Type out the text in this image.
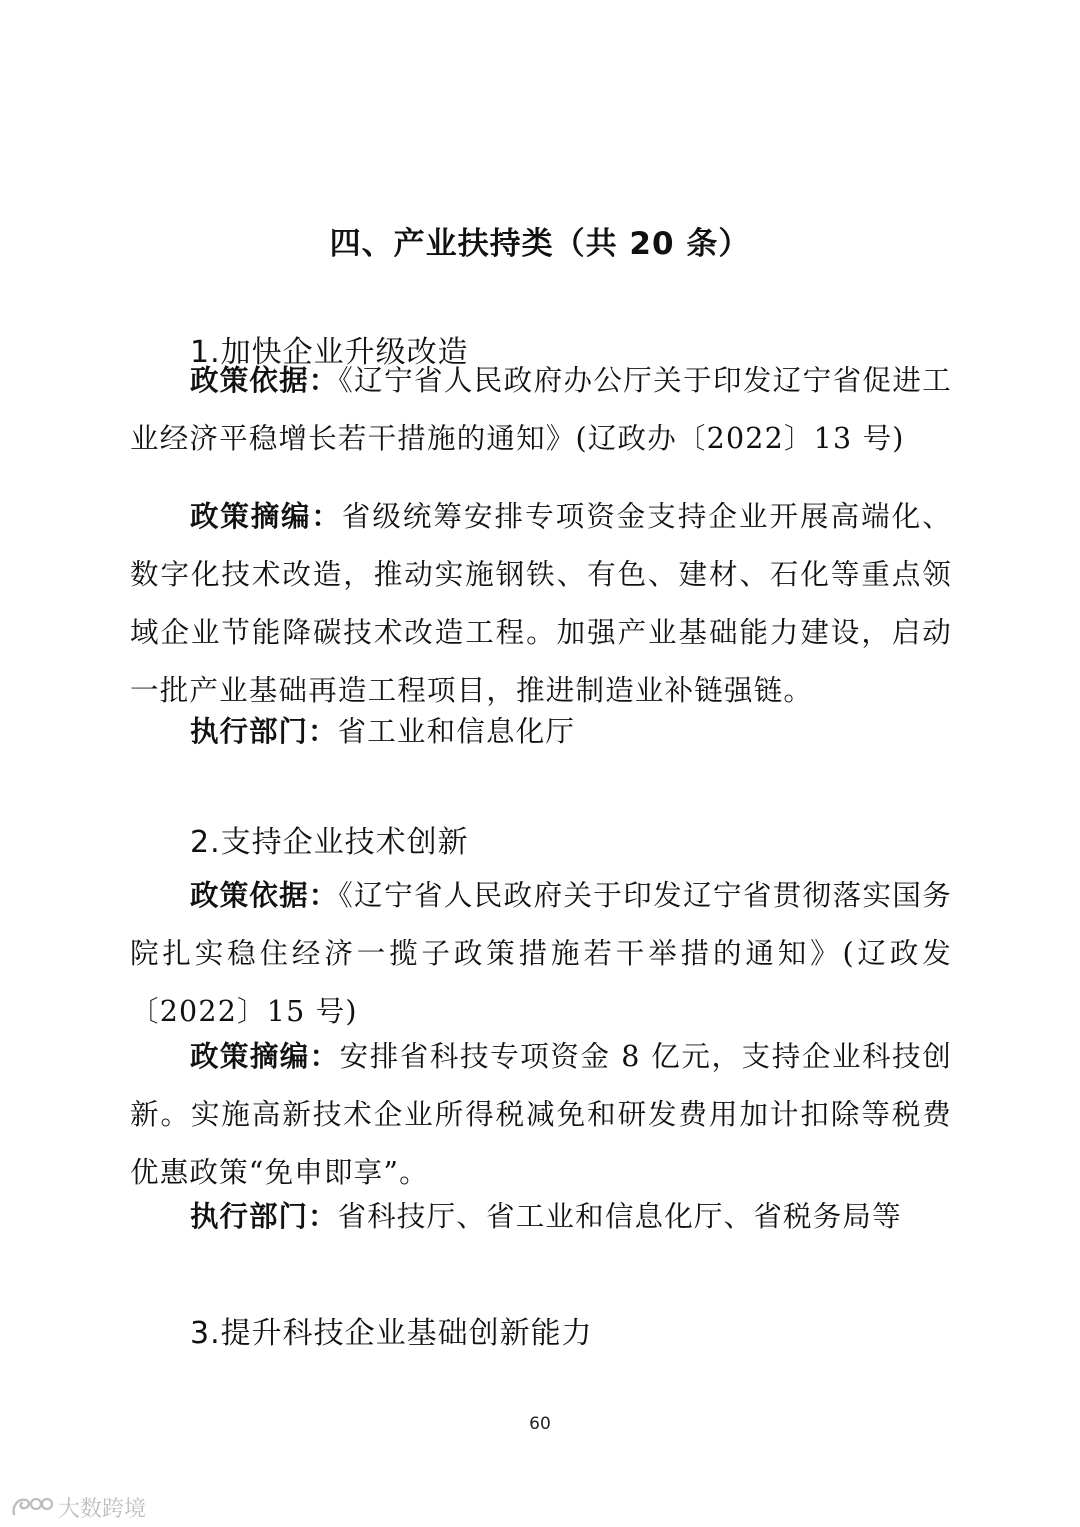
四、产业扶持类（共 20 条）
1.加快企业升级改造

政策依据：《辽宁省人民政府办公厅关于印发辽宁省促进工业经济平稳增长若干措施的通知》(辽政办〔2022〕13 号)

政策摘编：省级统筹安排专项资金支持企业开展高端化、数字化技术改造，推动实施钢铁、有色、建材、石化等重点领域企业节能降碳技术改造工程。加强产业基础能力建设，启动一批产业基础再造工程项目，推进制造业补链强链。

执行部门：省工业和信息化厅

2.支持企业技术创新

政策依据：《辽宁省人民政府关于印发辽宁省贯彻落实国务院扎实稳住经济一揽子政策措施若干举措的通知》(辽政发〔2022〕15 号)

政策摘编：安排省科技专项资金 8 亿元，支持企业科技创新。实施高新技术企业所得税减免和研发费用加计扣除等税费优惠政策“免申即享”。

执行部门：省科技厅、省工业和信息化厅、省税务局等

3.提升科技企业基础创新能力
60
大数跨境
